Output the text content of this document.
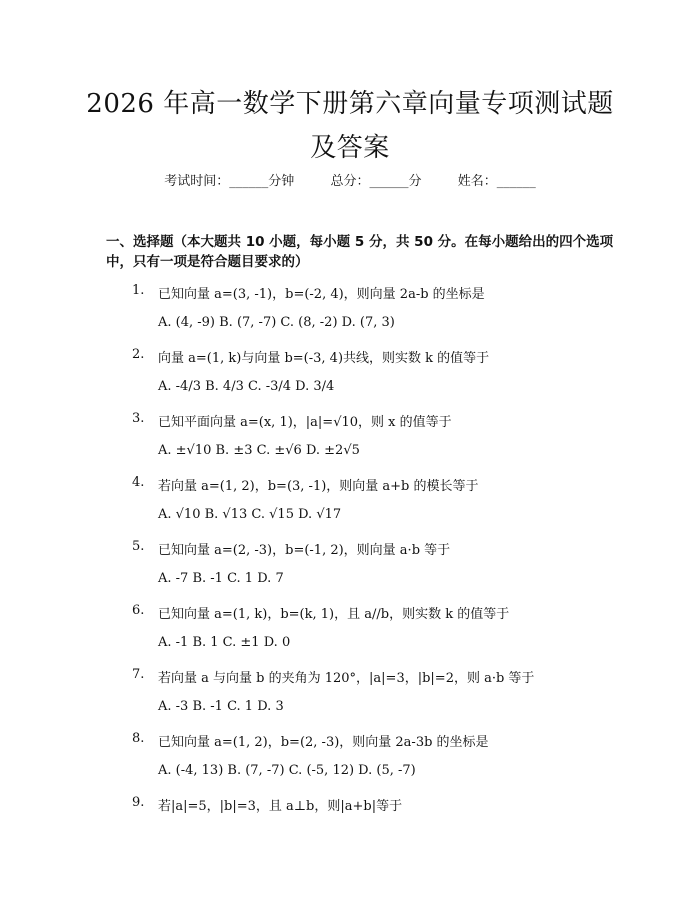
2026 年高一数学下册第六章向量专项测试题
及答案
考试时间：______分钟	总分：______分	姓名：______
一、选择题（本大题共 10 小题，每小题 5 分，共 50 分。在每小题给出的四个选项中，只有一项是符合题目要求的）
1. 已知向量 a=(3, -1)，b=(-2, 4)，则向量 2a-b 的坐标是
A. (4, -9) B. (7, -7) C. (8, -2) D. (7, 3)
2. 向量 a=(1, k)与向量 b=(-3, 4)共线，则实数 k 的值等于
A. -4/3 B. 4/3 C. -3/4 D. 3/4
3. 已知平面向量 a=(x, 1)，|a|=√10，则 x 的值等于
A. ±√10 B. ±3 C. ±√6 D. ±2√5
4. 若向量 a=(1, 2)，b=(3, -1)，则向量 a+b 的模长等于
A. √10 B. √13 C. √15 D. √17
5. 已知向量 a=(2, -3)，b=(-1, 2)，则向量 a·b 等于
A. -7 B. -1 C. 1 D. 7
6. 已知向量 a=(1, k)，b=(k, 1)，且 a//b，则实数 k 的值等于
A. -1 B. 1 C. ±1 D. 0
7. 若向量 a 与向量 b 的夹角为 120°，|a|=3，|b|=2，则 a·b 等于
A. -3 B. -1 C. 1 D. 3
8. 已知向量 a=(1, 2)，b=(2, -3)，则向量 2a-3b 的坐标是
A. (-4, 13) B. (7, -7) C. (-5, 12) D. (5, -7)
9. 若|a|=5，|b|=3，且 a⊥b，则|a+b|等于
